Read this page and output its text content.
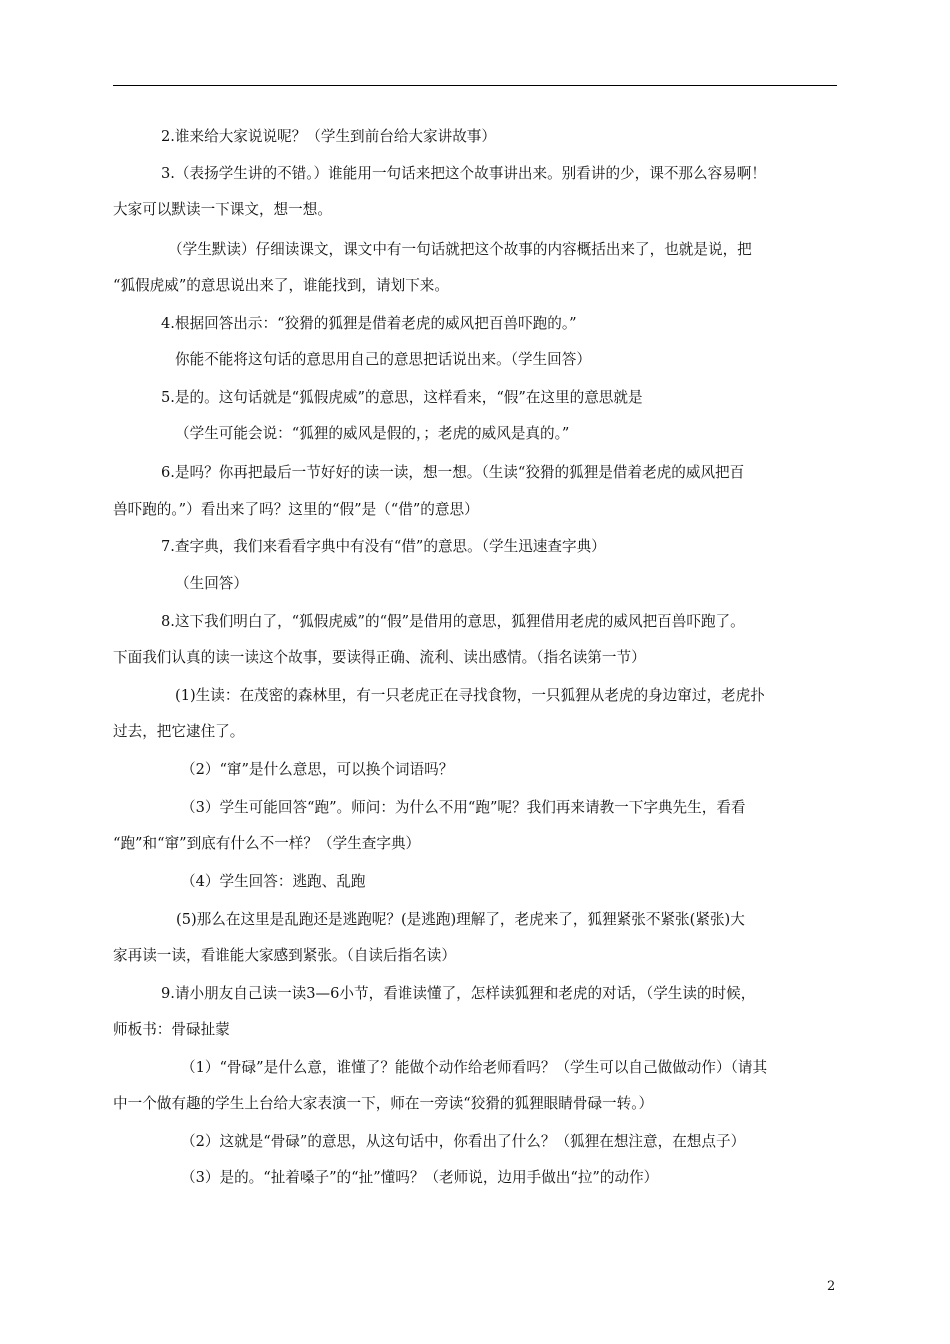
2.谁来给大家说说呢？（学生到前台给大家讲故事）
3.（表扬学生讲的不错。）谁能用一句话来把这个故事讲出来。别看讲的少，课不那么容易啊！
大家可以默读一下课文，想一想。
（学生默读）仔细读课文，课文中有一句话就把这个故事的内容概括出来了，也就是说，把
“狐假虎威”的意思说出来了，谁能找到，请划下来。
4.根据回答出示：“狡猾的狐狸是借着老虎的威风把百兽吓跑的。”
你能不能将这句话的意思用自己的意思把话说出来。（学生回答）
5.是的。这句话就是“狐假虎威”的意思，这样看来，“假”在这里的意思就是
（学生可能会说：“狐狸的威风是假的，；老虎的威风是真的。”
6.是吗？你再把最后一节好好的读一读，想一想。（生读“狡猾的狐狸是借着老虎的威风把百
兽吓跑的。”）看出来了吗？这里的“假”是（“借”的意思）
7.查字典，我们来看看字典中有没有“借”的意思。（学生迅速查字典）
（生回答）
8.这下我们明白了，“狐假虎威”的“假”是借用的意思，狐狸借用老虎的威风把百兽吓跑了。
下面我们认真的读一读这个故事，要读得正确、流利、读出感情。（指名读第一节）
(1)生读：在茂密的森林里，有一只老虎正在寻找食物，一只狐狸从老虎的身边窜过，老虎扑
过去，把它逮住了。
（2）“窜”是什么意思，可以换个词语吗？
（3）学生可能回答“跑”。师问：为什么不用“跑”呢？我们再来请教一下字典先生，看看
“跑”和“窜”到底有什么不一样？（学生查字典）
（4）学生回答：逃跑、乱跑
(5)那么在这里是乱跑还是逃跑呢？(是逃跑)理解了，老虎来了，狐狸紧张不紧张(紧张)大
家再读一读，看谁能大家感到紧张。（自读后指名读）
9.请小朋友自己读一读3—6小节，看谁读懂了，怎样读狐狸和老虎的对话，（学生读的时候，
师板书：骨碌扯蒙
（1）“骨碌”是什么意，谁懂了？能做个动作给老师看吗？（学生可以自己做做动作）（请其
中一个做有趣的学生上台给大家表演一下，师在一旁读“狡猾的狐狸眼睛骨碌一转。）
（2）这就是“骨碌”的意思，从这句话中，你看出了什么？（狐狸在想注意，在想点子）
（3）是的。“扯着嗓子”的“扯”懂吗？（老师说，边用手做出“拉”的动作）
2
